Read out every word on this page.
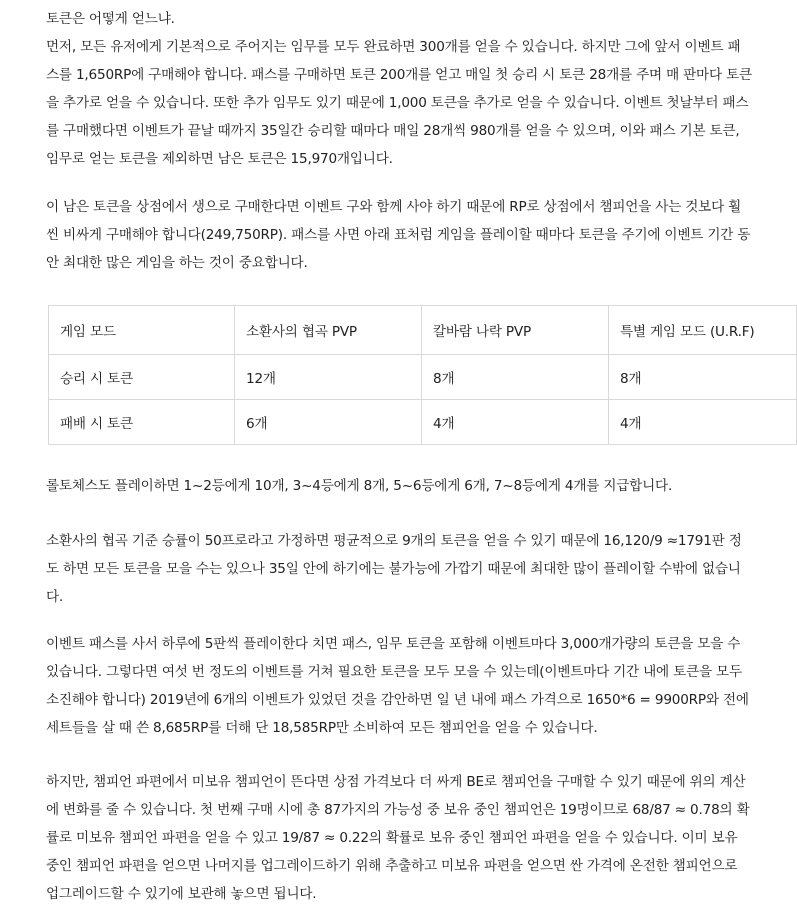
토큰은 어떻게 얻느냐.

먼저, 모든 유저에게 기본적으로 주어지는 임무를 모두 완료하면 300개를 얻을 수 있습니다. 하지만 그에 앞서 이벤트 패스를 1,650RP에 구매해야 합니다. 패스를 구매하면 토큰 200개를 얻고 매일 첫 승리 시 토큰 28개를 주며 매 판마다 토큰을 추가로 얻을 수 있습니다. 또한 추가 임무도 있기 때문에 1,000 토큰을 추가로 얻을 수 있습니다. 이벤트 첫날부터 패스를 구매했다면 이벤트가 끝날 때까지 35일간 승리할 때마다 매일 28개씩 980개를 얻을 수 있으며, 이와 패스 기본 토큰, 임무로 얻는 토큰을 제외하면 남은 토큰은 15,970개입니다.

이 남은 토큰을 상점에서 생으로 구매한다면 이벤트 구와 함께 사야 하기 때문에 RP로 상점에서 챔피언을 사는 것보다 훨씬 비싸게 구매해야 합니다(249,750RP). 패스를 사면 아래 표처럼 게임을 플레이할 때마다 토큰을 주기에 이벤트 기간 동안 최대한 많은 게임을 하는 것이 중요합니다.

게임 모드	소환사의 협곡 PVP	칼바람 나락 PVP	특별 게임 모드 (U.R.F)
승리 시 토큰	12개	8개	8개
패배 시 토큰	6개	4개	4개

롤토체스도 플레이하면 1~2등에게 10개, 3~4등에게 8개, 5~6등에게 6개, 7~8등에게 4개를 지급합니다.

소환사의 협곡 기준 승률이 50프로라고 가정하면 평균적으로 9개의 토큰을 얻을 수 있기 때문에 16,120/9 ≈1791판 정도 하면 모든 토큰을 모을 수는 있으나 35일 안에 하기에는 불가능에 가깝기 때문에 최대한 많이 플레이할 수밖에 없습니다.

이벤트 패스를 사서 하루에 5판씩 플레이한다 치면 패스, 임무 토큰을 포함해 이벤트마다 3,000개가량의 토큰을 모을 수 있습니다. 그렇다면 여섯 번 정도의 이벤트를 거쳐 필요한 토큰을 모두 모을 수 있는데(이벤트마다 기간 내에 토큰을 모두 소진해야 합니다) 2019년에 6개의 이벤트가 있었던 것을 감안하면 일 년 내에 패스 가격으로 1650*6 = 9900RP와 전에 세트들을 살 때 쓴 8,685RP를 더해 단 18,585RP만 소비하여 모든 챔피언을 얻을 수 있습니다.

하지만, 챔피언 파편에서 미보유 챔피언이 뜬다면 상점 가격보다 더 싸게 BE로 챔피언을 구매할 수 있기 때문에 위의 계산에 변화를 줄 수 있습니다. 첫 번째 구매 시에 총 87가지의 가능성 중 보유 중인 챔피언은 19명이므로 68/87 ≈ 0.78의 확률로 미보유 챔피언 파편을 얻을 수 있고 19/87 ≈ 0.22의 확률로 보유 중인 챔피언 파편을 얻을 수 있습니다. 이미 보유 중인 챔피언 파편을 얻으면 나머지를 업그레이드하기 위해 추출하고 미보유 파편을 얻으면 싼 가격에 온전한 챔피언으로 업그레이드할 수 있기에 보관해 놓으면 됩니다.
